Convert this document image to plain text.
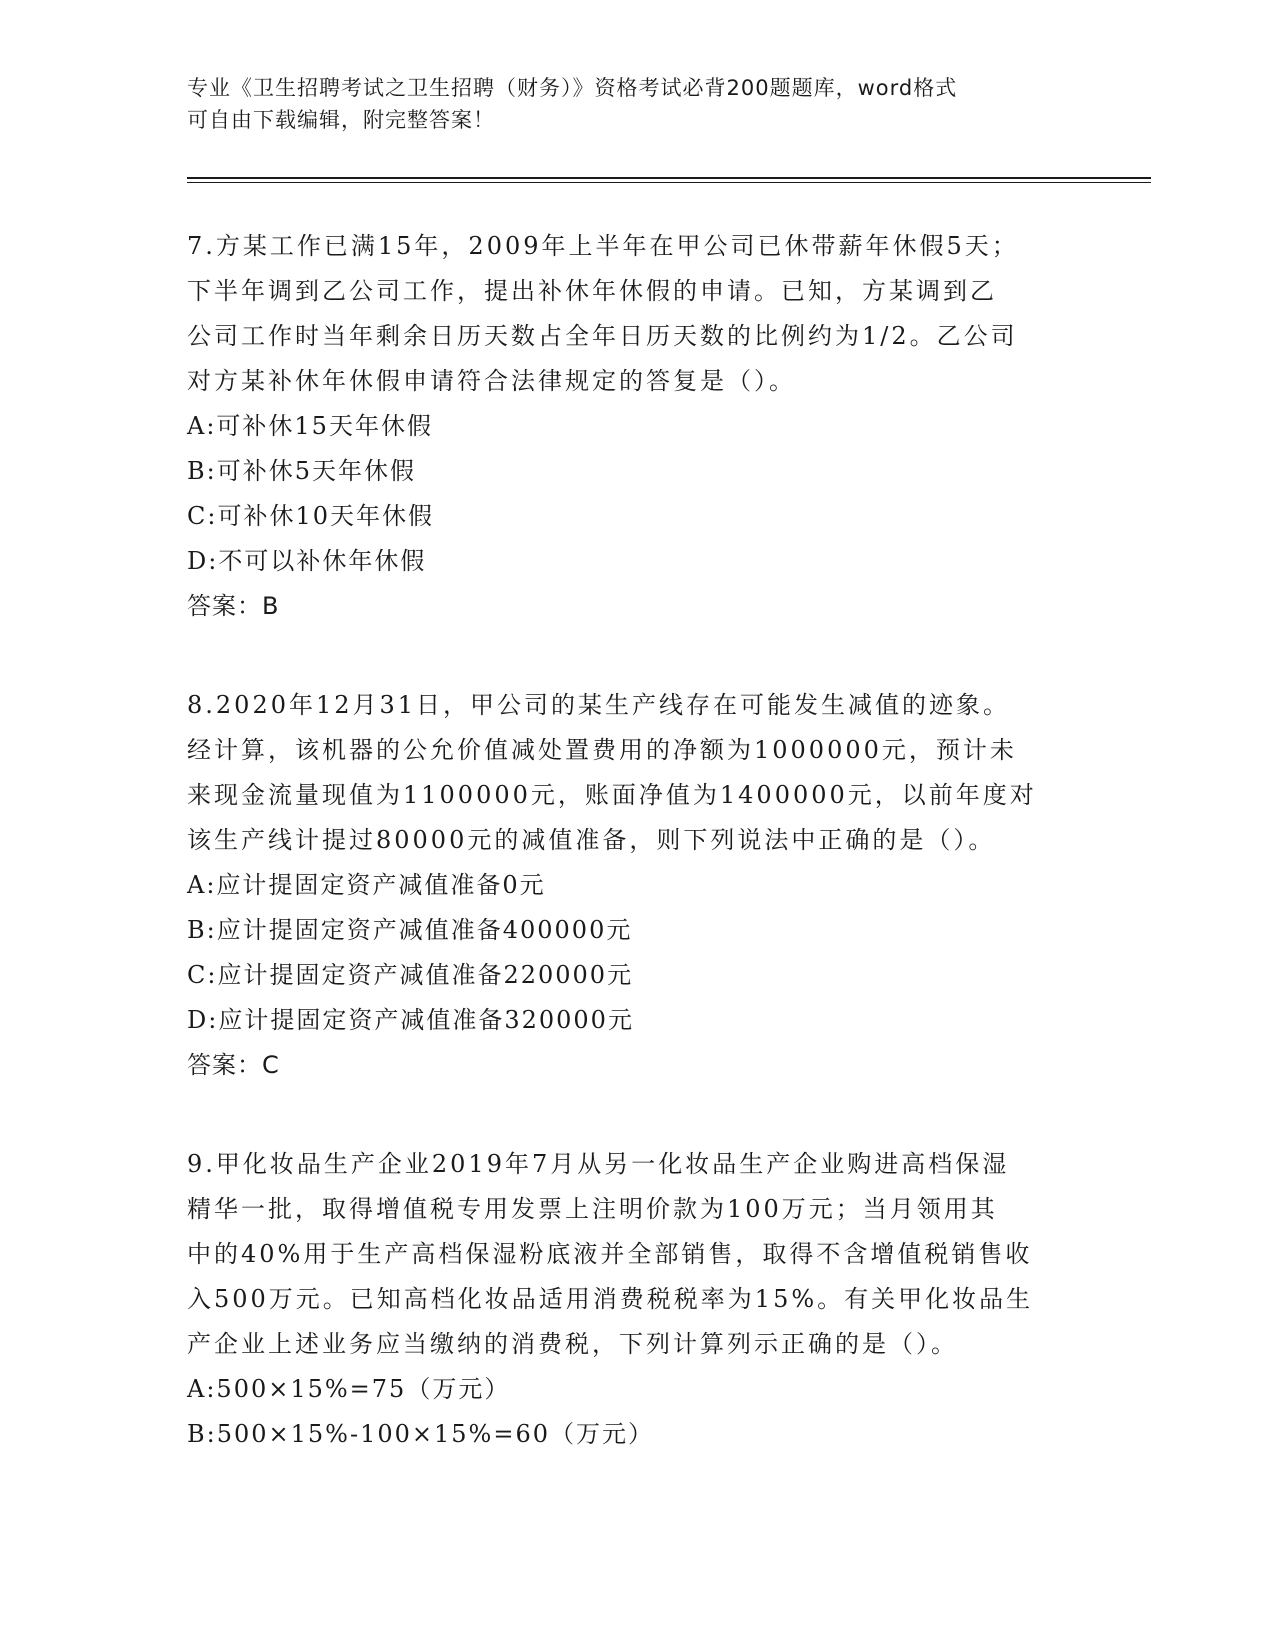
专业《卫生招聘考试之卫生招聘（财务）》资格考试必背200题题库，word格式
可自由下载编辑，附完整答案！
7.方某工作已满15年，2009年上半年在甲公司已休带薪年休假5天；
下半年调到乙公司工作，提出补休年休假的申请。已知，方某调到乙
公司工作时当年剩余日历天数占全年日历天数的比例约为1/2。乙公司
对方某补休年休假申请符合法律规定的答复是（）。
A:可补休15天年休假
B:可补休5天年休假
C:可补休10天年休假
D:不可以补休年休假
答案：B
8.2020年12月31日，甲公司的某生产线存在可能发生减值的迹象。
经计算，该机器的公允价值减处置费用的净额为1000000元，预计未
来现金流量现值为1100000元，账面净值为1400000元，以前年度对
该生产线计提过80000元的减值准备，则下列说法中正确的是（）。
A:应计提固定资产减值准备0元
B:应计提固定资产减值准备400000元
C:应计提固定资产减值准备220000元
D:应计提固定资产减值准备320000元
答案：C
9.甲化妆品生产企业2019年7月从另一化妆品生产企业购进高档保湿
精华一批，取得增值税专用发票上注明价款为100万元；当月领用其
中的40%用于生产高档保湿粉底液并全部销售，取得不含增值税销售收
入500万元。已知高档化妆品适用消费税税率为15%。有关甲化妆品生
产企业上述业务应当缴纳的消费税，下列计算列示正确的是（）。
A:500×15%=75（万元）
B:500×15%-100×15%=60（万元）
